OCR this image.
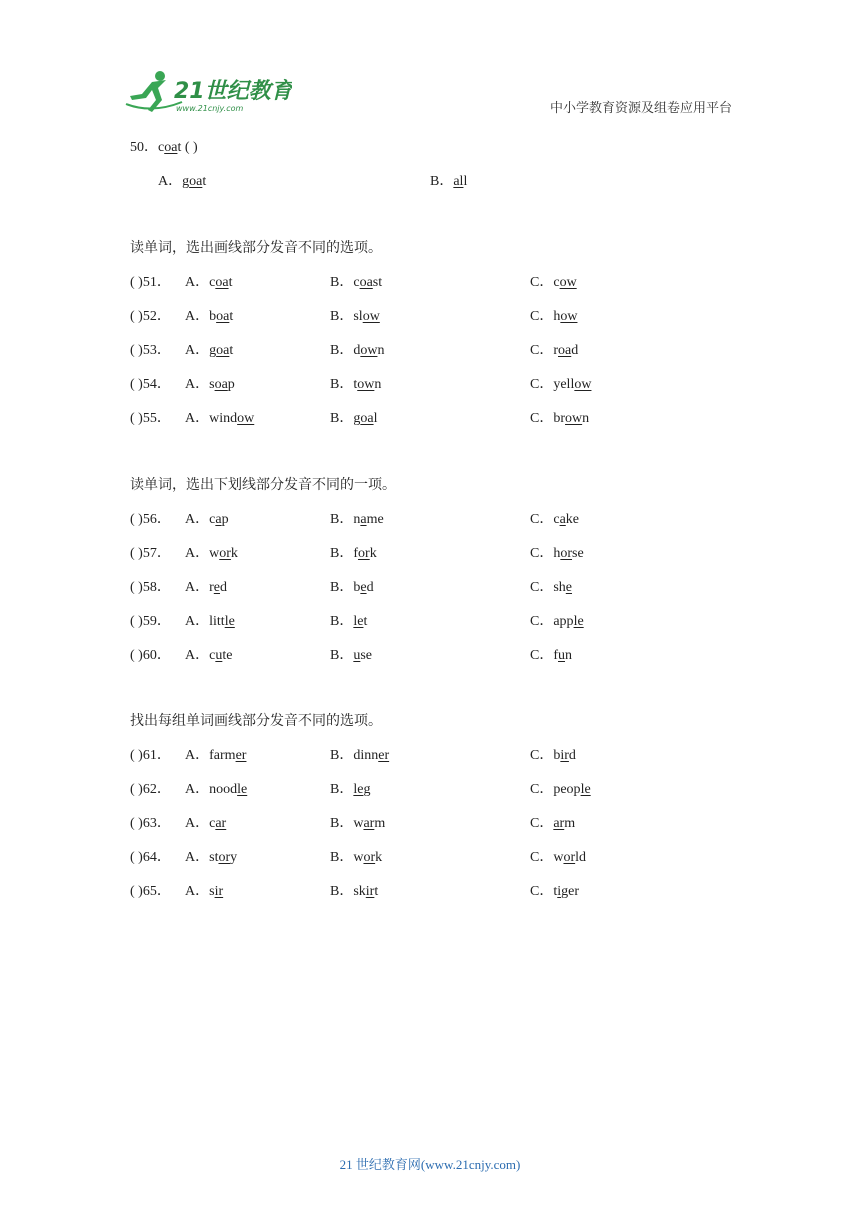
21世纪教育
www.21cnjy.com	中小学教育资源及组卷应用平台
50．coat ( )
A．goat	B．all
读单词，选出画线部分发音不同的选项。
( )51． A．coat	B．coast	C．cow
( )52． A．boat	B．slow	C．how
( )53． A．goat	B．down	C．road
( )54． A．soap	B．town	C．yellow
( )55． A．window	B．goal	C．brown
读单词，选出下划线部分发音不同的一项。
( )56． A．cap	B．name	C．cake
( )57． A．work	B．fork	C．horse
( )58． A．red	B．bed	C．she
( )59． A．little	B．let	C．apple
( )60． A．cute	B．use	C．fun
找出每组单词画线部分发音不同的选项。
( )61． A．farmer	B．dinner	C．bird
( )62． A．noodle	B．leg	C．people
( )63． A．car	B．warm	C．arm
( )64． A．story	B．work	C．world
( )65． A．sir	B．skirt	C．tiger
21 世纪教育网(www.21cnjy.com)
